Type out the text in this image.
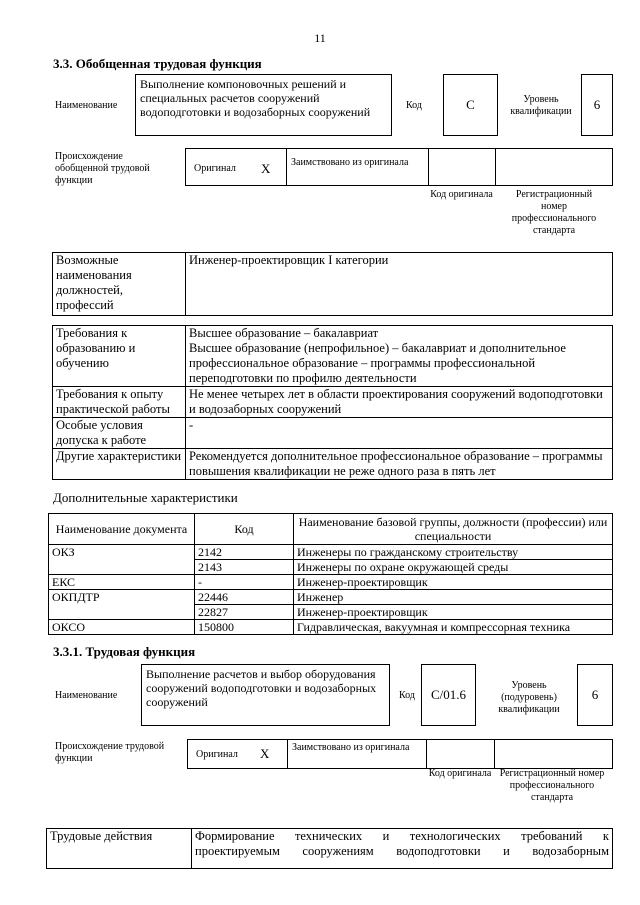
11
3.3. Обобщенная трудовая функция
Наименование
Выполнение компоновочных решений и специальных расчетов сооружений водоподготовки и водозаборных сооружений	Код	С	Уровень квалификации	6
Происхождение обобщенной трудовой функции
Оригинал X Заимствовано из оригинала
Код оригинала	Регистрационный номер профессионального стандарта
Возможные наименования должностей, профессий	Инженер-проектировщик I категории
Требования к образованию и обучению	Высшее образование – бакалавриат
Высшее образование (непрофильное) – бакалавриат и дополнительное профессиональное образование – программы профессиональной переподготовки по профилю деятельности
Требования к опыту практической работы	Не менее четырех лет в области проектирования сооружений водоподготовки и водозаборных сооружений
Особые условия допуска к работе	-
Другие характеристики	Рекомендуется дополнительное профессиональное образование – программы повышения квалификации не реже одного раза в пять лет
Дополнительные характеристики
Наименование документа	Код	Наименование базовой группы, должности (профессии) или специальности
ОКЗ	2142	Инженеры по гражданскому строительству
	2143	Инженеры по охране окружающей среды
ЕКС	-	Инженер-проектировщик
ОКПДТР	22446	Инженер
	22827	Инженер-проектировщик
ОКСО	150800	Гидравлическая, вакуумная и компрессорная техника
3.3.1. Трудовая функция
Наименование
Выполнение расчетов и выбор оборудования сооружений водоподготовки и водозаборных сооружений	Код	С/01.6
Уровень (подуровень) квалификации
6
Происхождение трудовой функции	Оригинал X Заимствовано из оригинала
Код оригинала Регистрационный номер профессионального стандарта
Трудовые действия	Формирование технических и технологических требований к
проектируемым сооружениям водоподготовки и водозаборным
